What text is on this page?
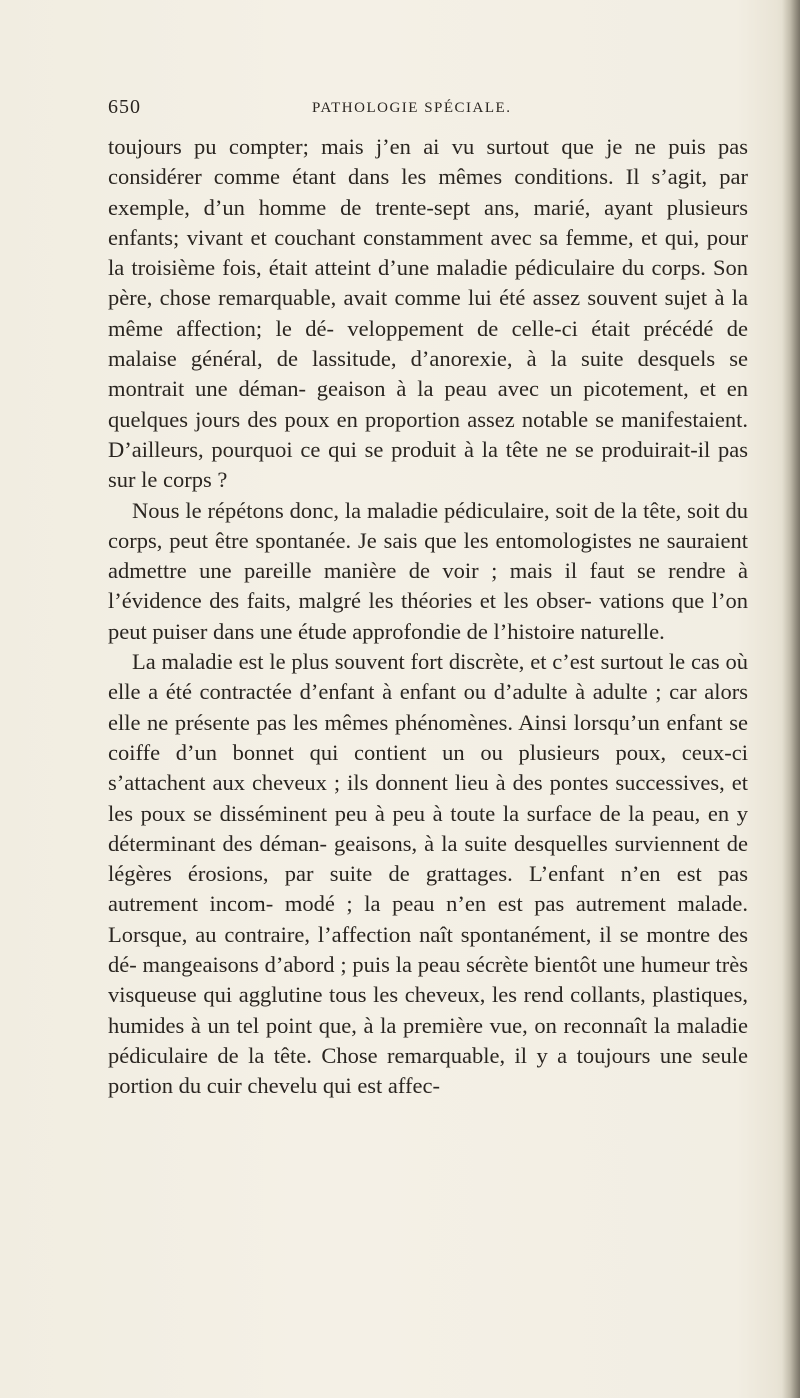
650	PATHOLOGIE SPÉCIALE.

toujours pu compter; mais j’en ai vu surtout que je ne puis pas considérer comme étant dans les mêmes conditions. Il s’agit, par exemple, d’un homme de trente-sept ans, marié, ayant plusieurs enfants; vivant et couchant constamment avec sa femme, et qui, pour la troisième fois, était atteint d’une maladie pédiculaire du corps. Son père, chose remarquable, avait comme lui été assez souvent sujet à la même affection; le dé- veloppement de celle-ci était précédé de malaise général, de lassitude, d’anorexie, à la suite desquels se montrait une déman- geaison à la peau avec un picotement, et en quelques jours des poux en proportion assez notable se manifestaient. D’ailleurs, pourquoi ce qui se produit à la tête ne se produirait-il pas sur le corps ?

Nous le répétons donc, la maladie pédiculaire, soit de la tête, soit du corps, peut être spontanée. Je sais que les entomologistes ne sauraient admettre une pareille manière de voir ; mais il faut se rendre à l’évidence des faits, malgré les théories et les obser- vations que l’on peut puiser dans une étude approfondie de l’histoire naturelle.

La maladie est le plus souvent fort discrète, et c’est surtout le cas où elle a été contractée d’enfant à enfant ou d’adulte à adulte ; car alors elle ne présente pas les mêmes phénomènes. Ainsi lorsqu’un enfant se coiffe d’un bonnet qui contient un ou plusieurs poux, ceux-ci s’attachent aux cheveux ; ils donnent lieu à des pontes successives, et les poux se disséminent peu à peu à toute la surface de la peau, en y déterminant des déman- geaisons, à la suite desquelles surviennent de légères érosions, par suite de grattages. L’enfant n’en est pas autrement incom- modé ; la peau n’en est pas autrement malade. Lorsque, au contraire, l’affection naît spontanément, il se montre des dé- mangeaisons d’abord ; puis la peau sécrète bientôt une humeur très visqueuse qui agglutine tous les cheveux, les rend collants, plastiques, humides à un tel point que, à la première vue, on reconnaît la maladie pédiculaire de la tête. Chose remarquable, il y a toujours une seule portion du cuir chevelu qui est affec-
